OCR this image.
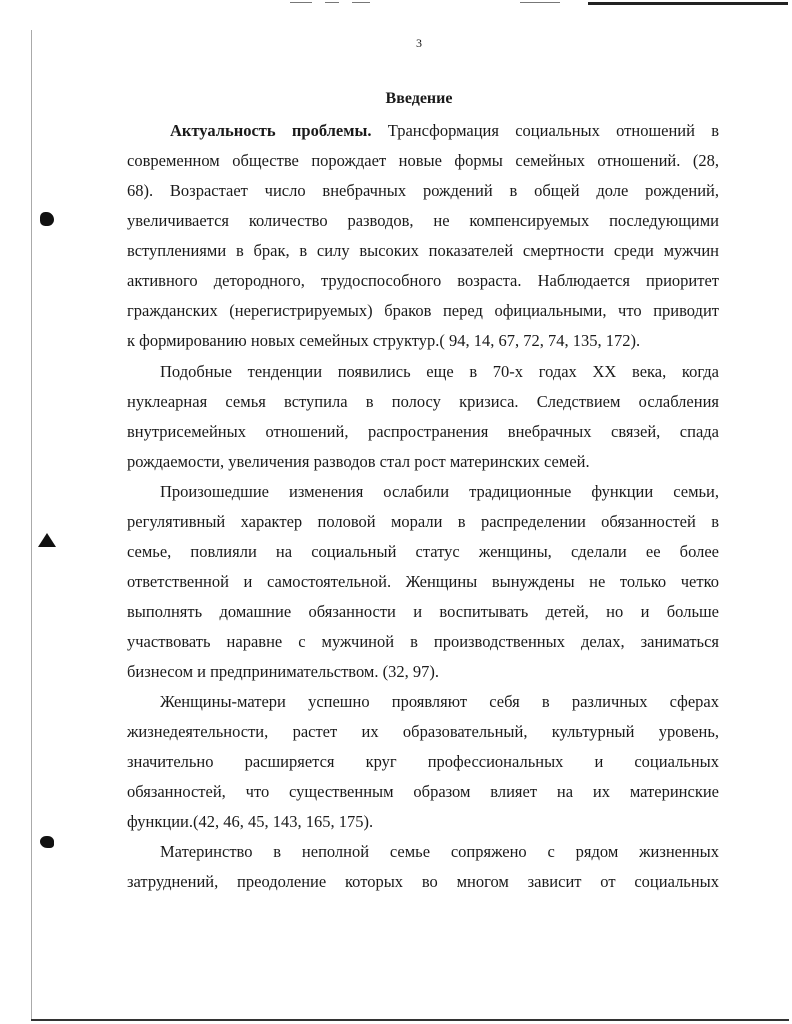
3
Введение
Актуальность проблемы. Трансформация социальных отношений в
современном обществе порождает новые формы семейных отношений. (28,
68). Возрастает число внебрачных рождений в общей доле рождений,
увеличивается количество разводов, не компенсируемых последующими
вступлениями в брак, в силу высоких показателей смертности среди мужчин
активного детородного, трудоспособного возраста. Наблюдается приоритет
гражданских (нерегистрируемых) браков перед официальными, что приводит
к формированию новых семейных структур.( 94, 14, 67, 72, 74, 135, 172).
Подобные тенденции появились еще в 70-х годах XX века, когда
нуклеарная семья вступила в полосу кризиса. Следствием ослабления
внутрисемейных отношений, распространения внебрачных связей, спада
рождаемости, увеличения разводов стал рост материнских семей.
Произошедшие изменения ослабили традиционные функции семьи,
регулятивный характер половой морали в распределении обязанностей в
семье, повлияли на социальный статус женщины, сделали ее более
ответственной и самостоятельной. Женщины вынуждены не только четко
выполнять домашние обязанности и воспитывать детей, но и больше
участвовать наравне с мужчиной в производственных делах, заниматься
бизнесом и предпринимательством. (32, 97).
Женщины-матери успешно проявляют себя в различных сферах
жизнедеятельности, растет их образовательный, культурный уровень,
значительно расширяется круг профессиональных и социальных
обязанностей, что существенным образом влияет на их материнские
функции.(42, 46, 45, 143, 165, 175).
Материнство в неполной семье сопряжено с рядом жизненных
затруднений, преодоление которых во многом зависит от социальных
